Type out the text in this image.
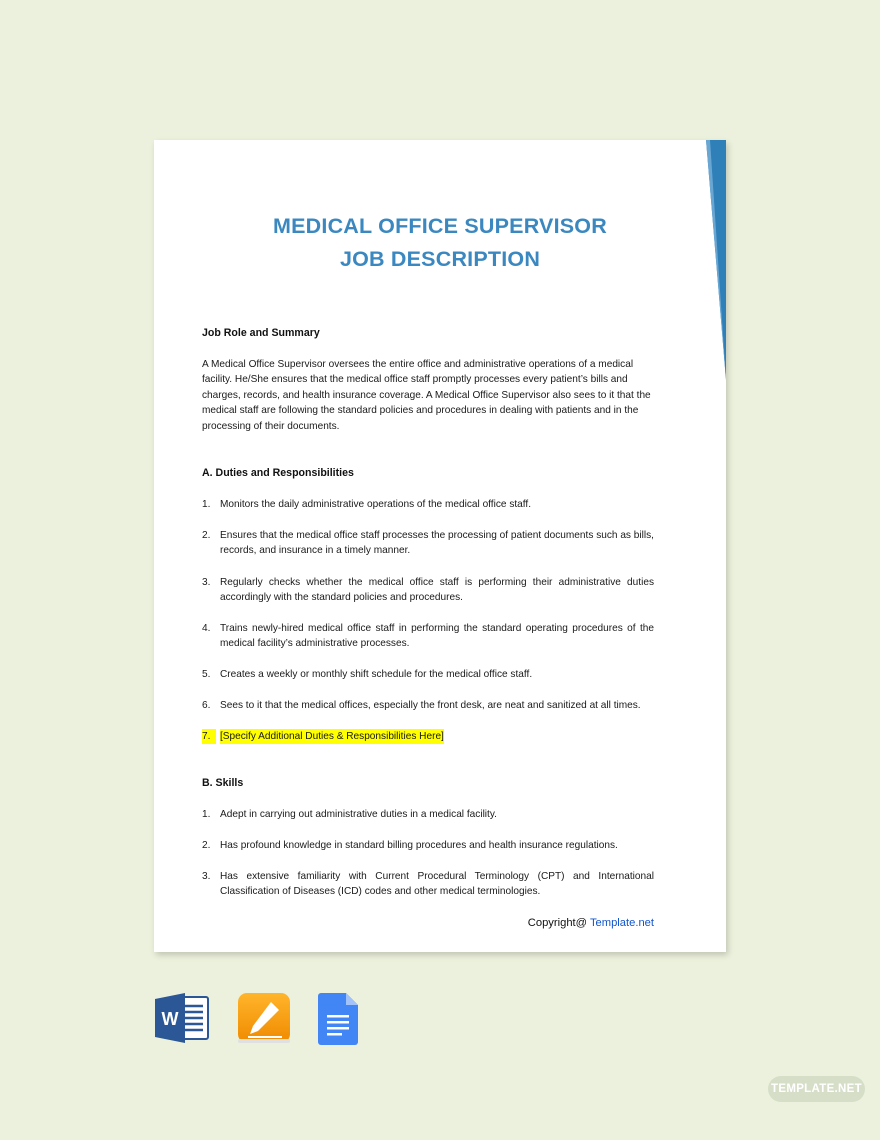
MEDICAL OFFICE SUPERVISOR
JOB DESCRIPTION
Job Role and Summary
A Medical Office Supervisor oversees the entire office and administrative operations of a medical facility. He/She ensures that the medical office staff promptly processes every patient’s bills and charges, records, and health insurance coverage. A Medical Office Supervisor also sees to it that the medical staff are following the standard policies and procedures in dealing with patients and in the processing of their documents.
A. Duties and Responsibilities
1. Monitors the daily administrative operations of the medical office staff.
2. Ensures that the medical office staff processes the processing of patient documents such as bills, records, and insurance in a timely manner.
3. Regularly checks whether the medical office staff is performing their administrative duties accordingly with the standard policies and procedures.
4. Trains newly-hired medical office staff in performing the standard operating procedures of the medical facility’s administrative processes.
5. Creates a weekly or monthly shift schedule for the medical office staff.
6. Sees to it that the medical offices, especially the front desk, are neat and sanitized at all times.
7. [Specify Additional Duties & Responsibilities Here]
B. Skills
1. Adept in carrying out administrative duties in a medical facility.
2. Has profound knowledge in standard billing procedures and health insurance regulations.
3. Has extensive familiarity with Current Procedural Terminology (CPT) and International Classification of Diseases (ICD) codes and other medical terminologies.
Copyright@ Template.net
W
TEMPLATE.NET
